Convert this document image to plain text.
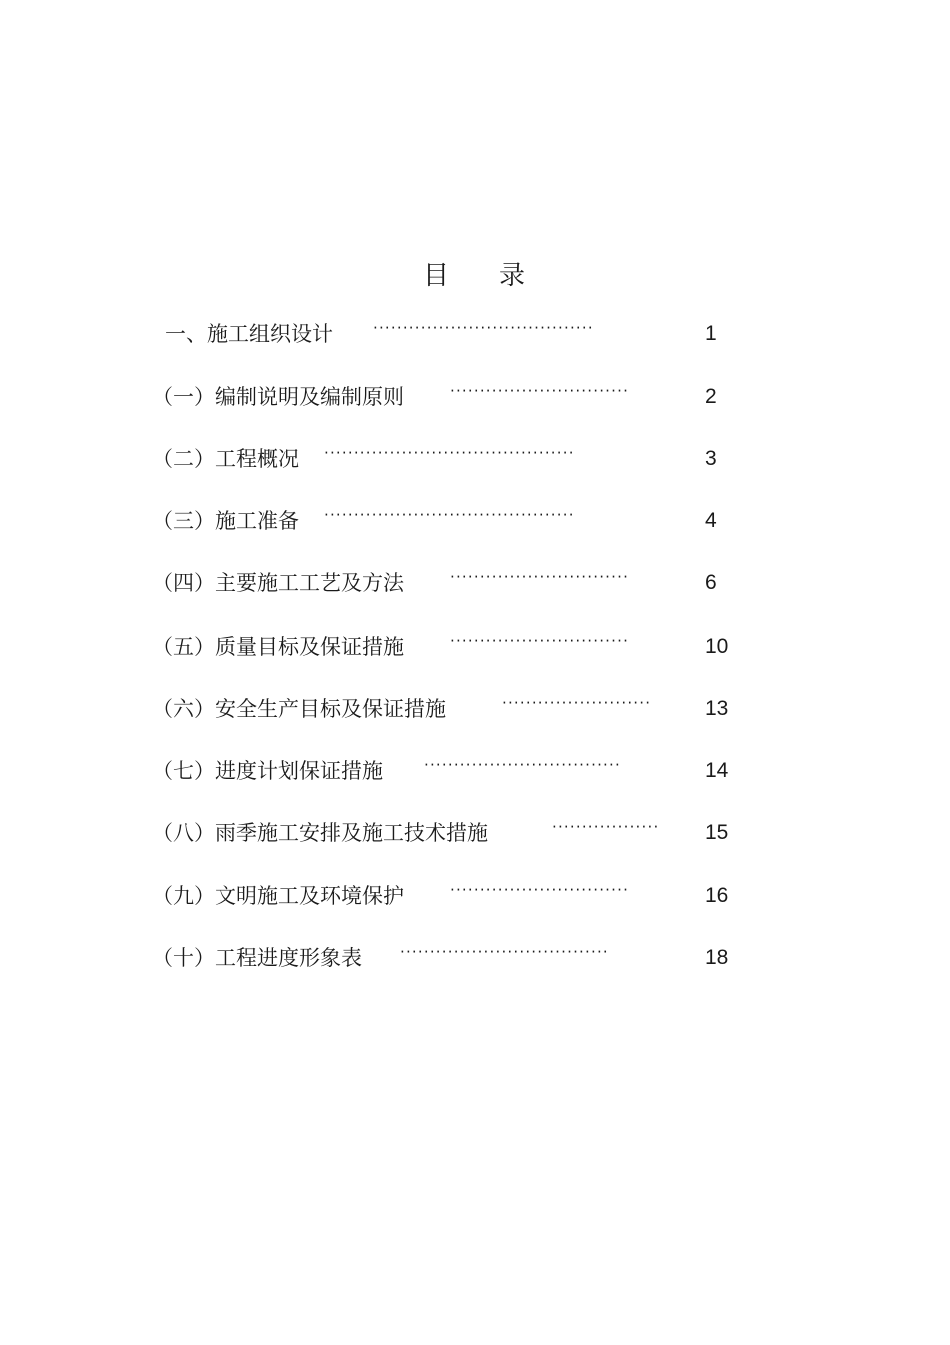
目 录
一、施工组织设计	·····································	1
（一）编制说明及编制原则	······························	2
（二）工程概况 ··········································	3
（三）施工准备 ··········································	4
（四）主要施工工艺及方法	······························	6
（五）质量目标及保证措施	······························	10
（六）安全生产目标及保证措施	·························	13
（七）进度计划保证措施	·································	14
（八）雨季施工安排及施工技术措施	··················	15
（九）文明施工及环境保护	······························	16
（十）工程进度形象表	···································	18
